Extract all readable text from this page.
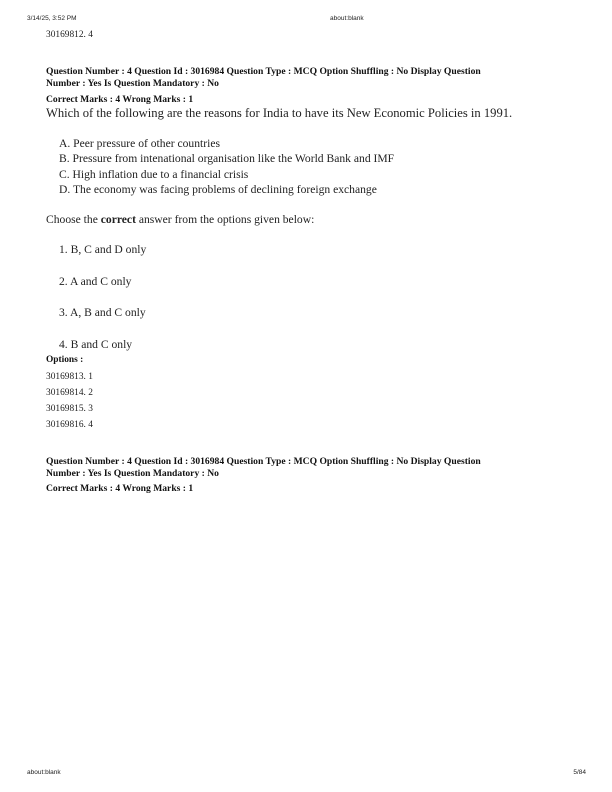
3/14/25, 3:52 PM	about:blank
30169812. 4
Question Number : 4 Question Id : 3016984 Question Type : MCQ Option Shuffling : No Display Question
Number : Yes Is Question Mandatory : No
Correct Marks : 4 Wrong Marks : 1
Which of the following are the reasons for India to have its New Economic Policies in 1991.
A. Peer pressure of other countries
B. Pressure from intenational organisation like the World Bank and IMF
C. High inflation due to a financial crisis
D. The economy was facing problems of declining foreign exchange
Choose the correct answer from the options given below:
1. B, C and D only
2. A and C only
3. A, B and C only
4. B and C only
Options :
30169813. 1
30169814. 2
30169815. 3
30169816. 4
Question Number : 4 Question Id : 3016984 Question Type : MCQ Option Shuffling : No Display Question
Number : Yes Is Question Mandatory : No
Correct Marks : 4 Wrong Marks : 1
about:blank	5/84
